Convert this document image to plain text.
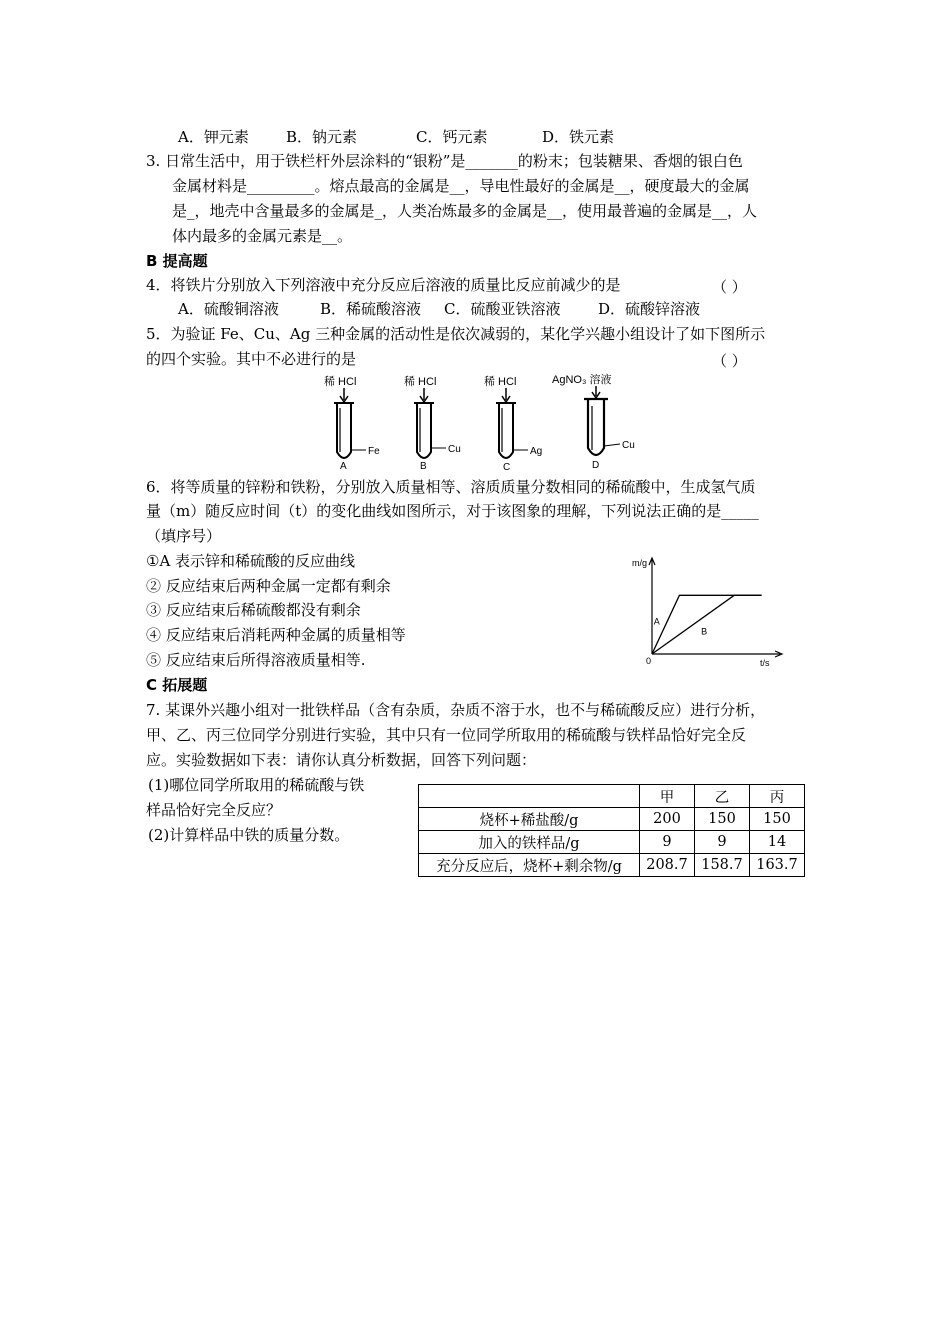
A．钾元素 B．钠元素	C．钙元素	D．铁元素
3. 日常生活中，用于铁栏杆外层涂料的“银粉”是_______的粉末；包装糖果、香烟的银白色
金属材料是_________。熔点最高的金属是__，导电性最好的金属是__，硬度最大的金属
是_，地壳中含量最多的金属是_，人类冶炼最多的金属是__，使用最普遍的金属是__，人
体内最多的金属元素是__。
B 提高题
4．将铁片分别放入下列溶液中充分反应后溶液的质量比反应前减少的是	（ ）
A．硫酸铜溶液	B．稀硫酸溶液 C．硫酸亚铁溶液	D．硫酸锌溶液
5．为验证 Fe、Cu、Ag 三种金属的活动性是依次减弱的，某化学兴趣小组设计了如下图所示
的四个实验。其中不必进行的是	（ ）
稀 HCl
Fe
A
稀 HCl
Cu
B
稀 HCl
Ag
C
AgNO₃ 溶液
Cu
D
6．将等质量的锌粉和铁粉，分别放入质量相等、溶质质量分数相同的稀硫酸中，生成氢气质
量（m）随反应时间（t）的变化曲线如图所示，对于该图象的理解，下列说法正确的是_____
（填序号）
①A 表示锌和稀硫酸的反应曲线
② 反应结束后两种金属一定都有剩余
③ 反应结束后稀硫酸都没有剩余
④ 反应结束后消耗两种金属的质量相等
⑤ 反应结束后所得溶液质量相等.
m/g
t/s
0
A
B
C 拓展题
7. 某课外兴趣小组对一批铁样品（含有杂质，杂质不溶于水，也不与稀硫酸反应）进行分析，
甲、乙、丙三位同学分别进行实验，其中只有一位同学所取用的稀硫酸与铁样品恰好完全反
应。实验数据如下表：请你认真分析数据，回答下列问题：
(1)哪位同学所取用的稀硫酸与铁
样品恰好完全反应？
(2)计算样品中铁的质量分数。
	甲	乙	丙
烧杯+稀盐酸/g	200	150	150
加入的铁样品/g	9	9	14
充分反应后，烧杯+剩余物/g	208.7	158.7	163.7
